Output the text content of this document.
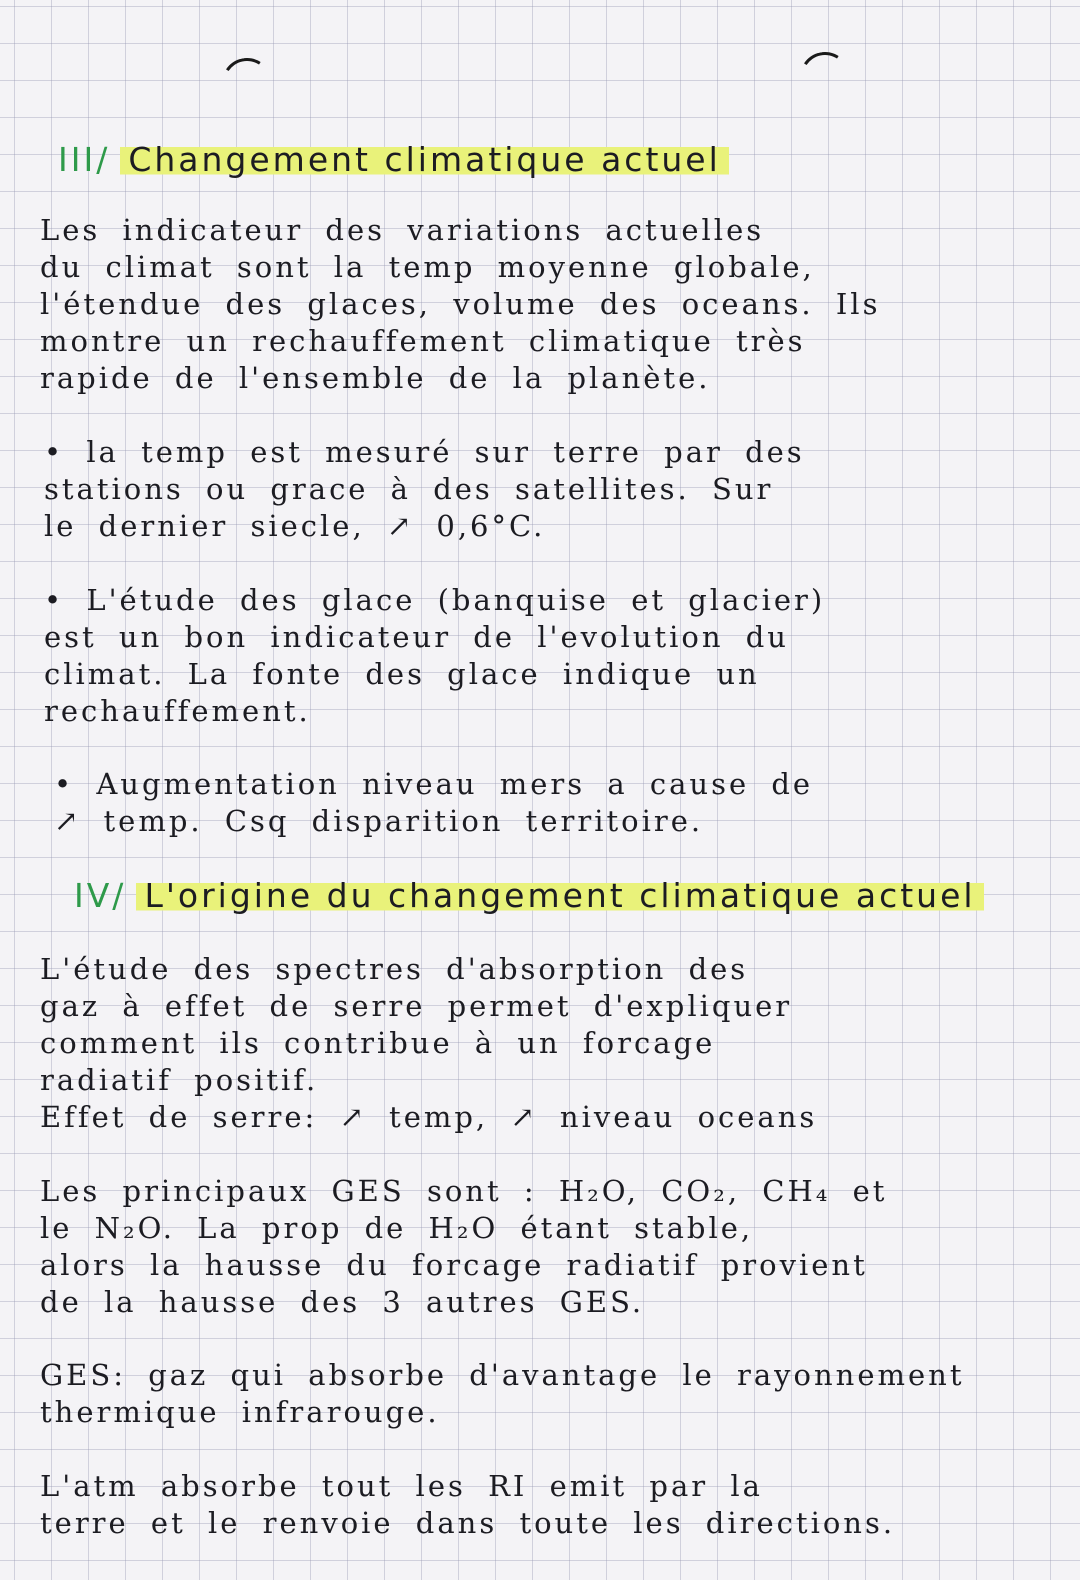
III/ Changement climatique actuel
Les indicateur des variations actuelles
du climat sont la temp moyenne globale,
l'étendue des glaces, volume des oceans. Ils
montre un rechauffement climatique très
rapide de l'ensemble de la planète.
• la temp est mesuré sur terre par des
stations ou grace à des satellites. Sur
le dernier siecle, ↗ 0,6°C.
• L'étude des glace (banquise et glacier)
est un bon indicateur de l'evolution du
climat. La fonte des glace indique un
rechauffement.
• Augmentation niveau mers a cause de
↗ temp. Csq disparition territoire.
IV/ L'origine du changement climatique actuel
L'étude des spectres d'absorption des
gaz à effet de serre permet d'expliquer
comment ils contribue à un forcage
radiatif positif.
Effet de serre: ↗ temp, ↗ niveau oceans
Les principaux GES sont : H₂O, CO₂, CH₄ et
le N₂O. La prop de H₂O étant stable,
alors la hausse du forcage radiatif provient
de la hausse des 3 autres GES.
GES: gaz qui absorbe d'avantage le rayonnement
thermique infrarouge.
L'atm absorbe tout les RI emit par la
terre et le renvoie dans toute les directions.
